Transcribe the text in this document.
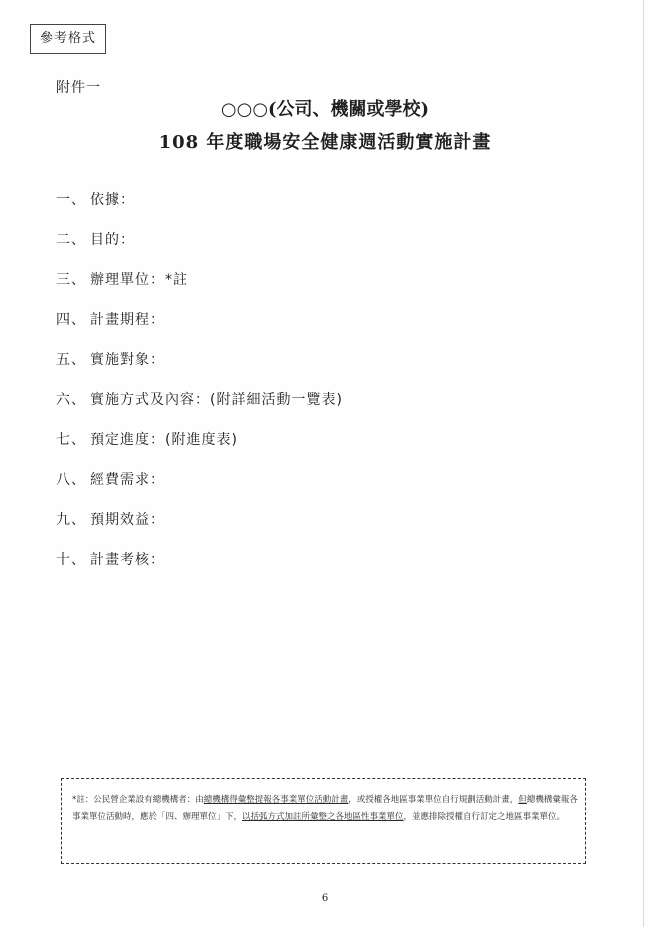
參考格式
附件一
○○○(公司、機關或學校)
108 年度職場安全健康週活動實施計畫
一、 依據：
二、 目的：
三、 辦理單位：*註
四、 計畫期程：
五、 實施對象：
六、 實施方式及內容：(附詳細活動一覽表)
七、 預定進度：(附進度表)
八、 經費需求：
九、 預期效益：
十、 計畫考核：
*註：公民營企業設有總機構者：由總機構得彙整提報各事業單位活動計畫，或授權各地區事業單位自行規劃活動計畫，但總機構彙報各事業單位活動時，應於「四、辦理單位」下，以括弧方式加註所彙整之各地區性事業單位，並應排除授權自行訂定之地區事業單位。
6
